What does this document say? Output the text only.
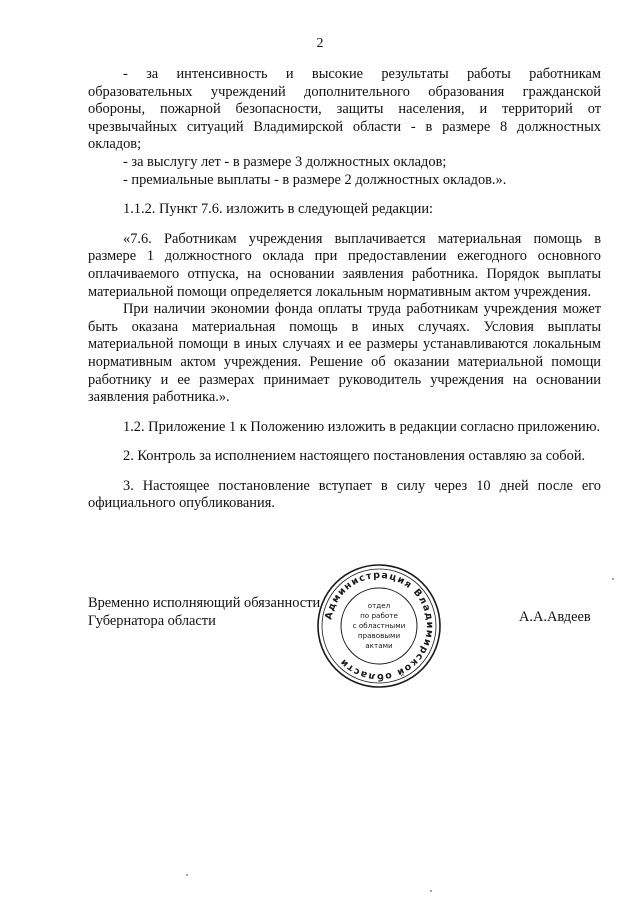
2

- за интенсивность и высокие результаты работы работникам образовательных учреждений дополнительного образования гражданской обороны, пожарной безопасности, защиты населения, и территорий от чрезвычайных ситуаций Владимирской области - в размере 8 должностных окладов;

- за выслугу лет - в размере 3 должностных окладов;

- премиальные выплаты - в размере 2 должностных окладов.».

1.1.2. Пункт 7.6. изложить в следующей редакции:

«7.6. Работникам учреждения выплачивается материальная помощь в размере 1 должностного оклада при предоставлении ежегодного основного оплачиваемого отпуска, на основании заявления работника. Порядок выплаты материальной помощи определяется локальным нормативным актом учреждения.

При наличии экономии фонда оплаты труда работникам учреждения может быть оказана материальная помощь в иных случаях. Условия выплаты материальной помощи в иных случаях и ее размеры устанавливаются локальным нормативным актом учреждения. Решение об оказании материальной помощи работнику и ее размерах принимает руководитель учреждения на основании заявления работника.».

1.2. Приложение 1 к Положению изложить в редакции согласно приложению.

2. Контроль за исполнением настоящего постановления оставляю за собой.

3. Настоящее постановление вступает в силу через 10 дней после его официального опубликования.

Временно исполняющий обязанности
Губернатора области	Администрация Владимирской области
отдел
по работе
с областными
правовыми
актами
А.А.Авдеев
